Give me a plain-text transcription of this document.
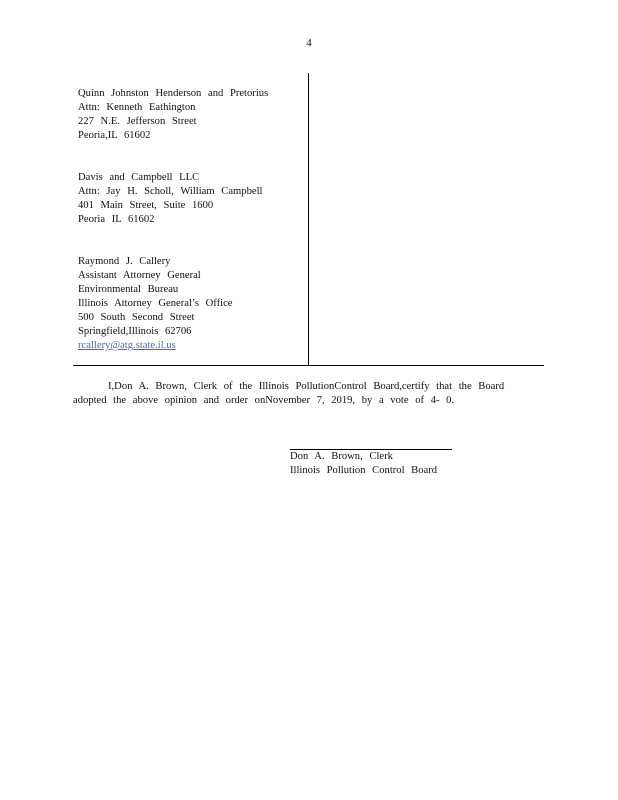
4
Quinn Johnston Henderson and Pretorius
Attn: Kenneth Eathington
227 N.E. Jefferson Street
Peoria,IL 61602
Davis and Campbell LLC
Attn: Jay H. Scholl, William Campbell
401 Main Street, Suite 1600
Peoria IL 61602
Raymond J. Callery
Assistant Attorney General
Environmental Bureau
Illinois Attorney General’s Office
500 South Second Street
Springfield,Illinois 62706
rcallery@atg.state.il.us
I,Don A. Brown, Clerk of the Illinois PollutionControl Board,certify that the Board
adopted the above opinion and order onNovember 7, 2019, by a vote of 4- 0.
Don A. Brown, Clerk
Illinois Pollution Control Board
